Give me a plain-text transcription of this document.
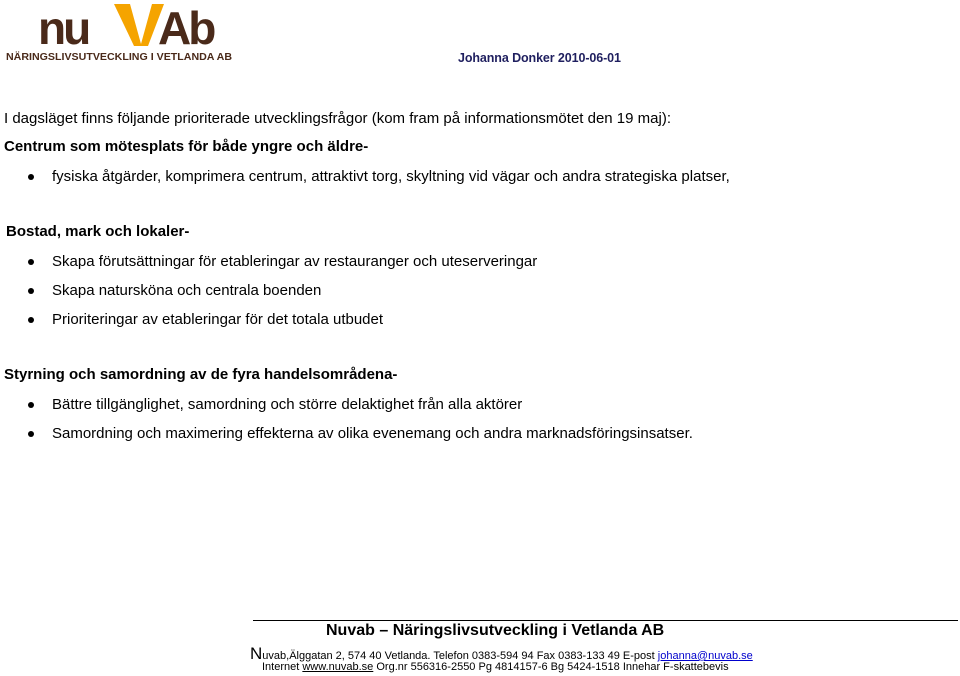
nu Ab
NÄRINGSLIVSUTVECKLING I VETLANDA AB	Johanna Donker 2010-06-01
I dagsläget finns följande prioriterade utvecklingsfrågor (kom fram på informationsmötet den 19 maj):
Centrum som mötesplats för både yngre och äldre-
fysiska åtgärder, komprimera centrum, attraktivt torg, skyltning vid vägar och andra strategiska platser,
Bostad, mark och lokaler-
Skapa förutsättningar för etableringar av restauranger och uteserveringar
Skapa natursköna och centrala boenden
Prioriteringar av etableringar för det totala utbudet
Styrning och samordning av de fyra handelsområdena-
Bättre tillgänglighet, samordning och större delaktighet från alla aktörer
Samordning och maximering effekterna av olika evenemang och andra marknadsföringsinsatser.
Nuvab – Näringslivsutveckling i Vetlanda AB
Nuvab,Älggatan 2, 574 40 Vetlanda. Telefon 0383-594 94 Fax 0383-133 49 E-post johanna@nuvab.se
Internet www.nuvab.se Org.nr 556316-2550 Pg 4814157-6 Bg 5424-1518 Innehar F-skattebevis
